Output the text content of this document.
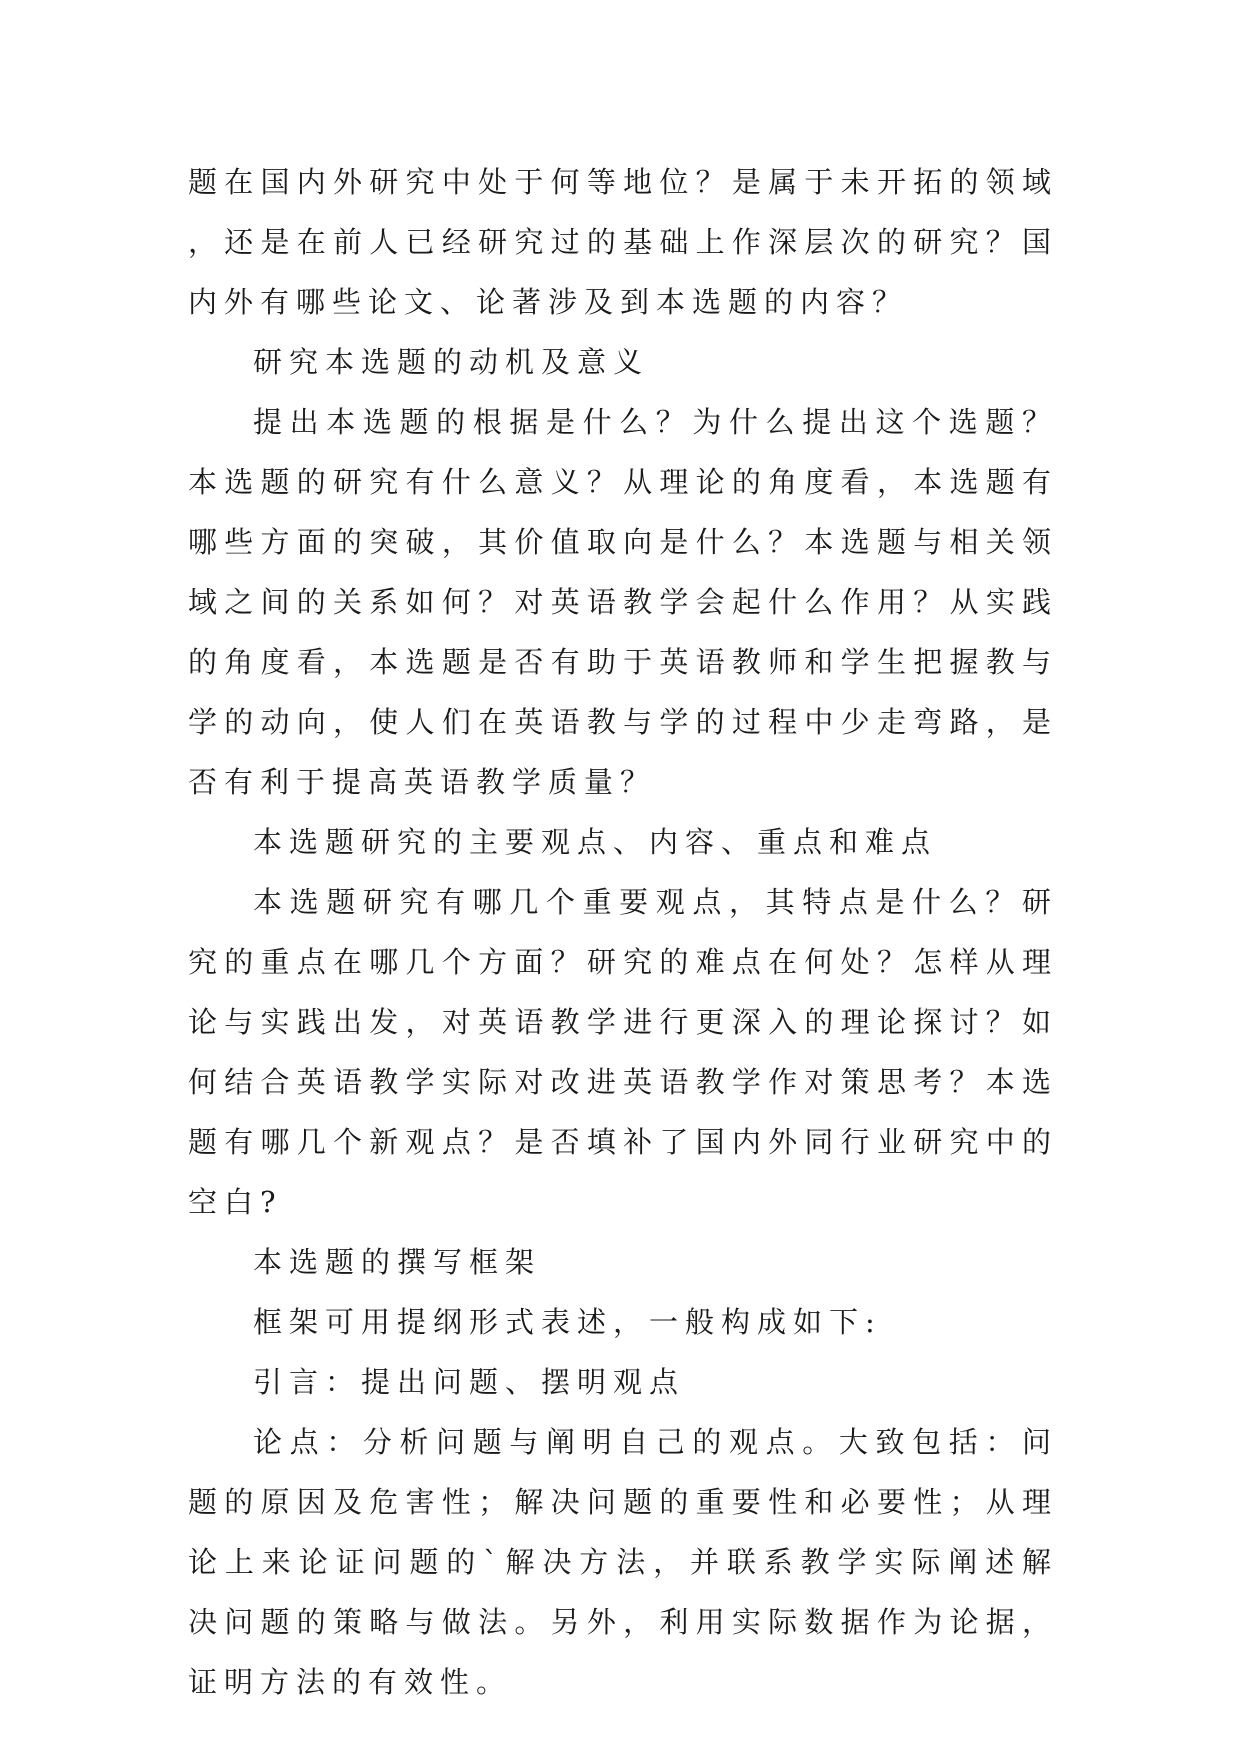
题在国内外研究中处于何等地位？是属于未开拓的领域，还是在前人已经研究过的基础上作深层次的研究？国内外有哪些论文、论著涉及到本选题的内容？

研究本选题的动机及意义

提出本选题的根据是什么？为什么提出这个选题？本选题的研究有什么意义？从理论的角度看，本选题有哪些方面的突破，其价值取向是什么？本选题与相关领域之间的关系如何？对英语教学会起什么作用？从实践的角度看，本选题是否有助于英语教师和学生把握教与学的动向，使人们在英语教与学的过程中少走弯路，是否有利于提高英语教学质量？

本选题研究的主要观点、内容、重点和难点

本选题研究有哪几个重要观点，其特点是什么？研究的重点在哪几个方面？研究的难点在何处？怎样从理论与实践出发，对英语教学进行更深入的理论探讨？如何结合英语教学实际对改进英语教学作对策思考？本选题有哪几个新观点？是否填补了国内外同行业研究中的空白?

本选题的撰写框架

框架可用提纲形式表述，一般构成如下:

引言：提出问题、摆明观点

论点：分析问题与阐明自己的观点。大致包括：问题的原因及危害性；解决问题的重要性和必要性；从理论上来论证问题的`解决方法，并联系教学实际阐述解决问题的策略与做法。另外，利用实际数据作为论据，证明方法的有效性。
